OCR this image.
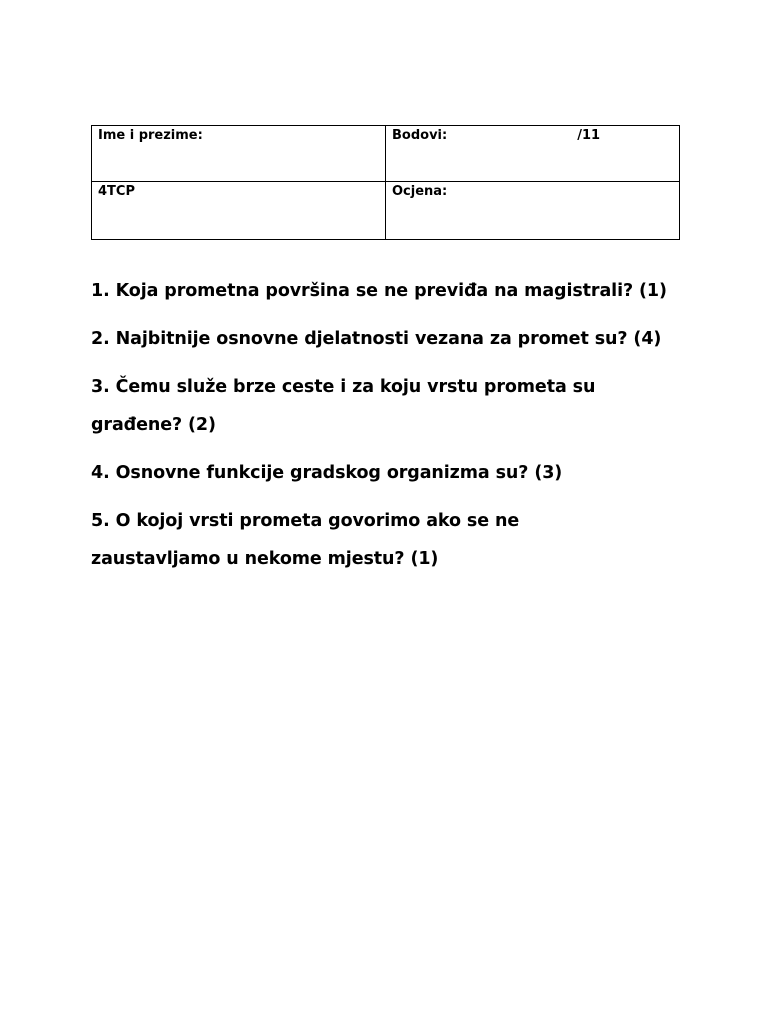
Ime i prezime:	Bodovi: /11

4TCP	Ocjena:

1. Koja prometna površina se ne previđa na magistrali? (1)

2. Najbitnije osnovne djelatnosti vezana za promet su? (4)

3. Čemu služe brze ceste i za koju vrstu prometa su građene? (2)

4. Osnovne funkcije gradskog organizma su? (3)

5. O kojoj vrsti prometa govorimo ako se ne zaustavljamo u nekome mjestu? (1)
